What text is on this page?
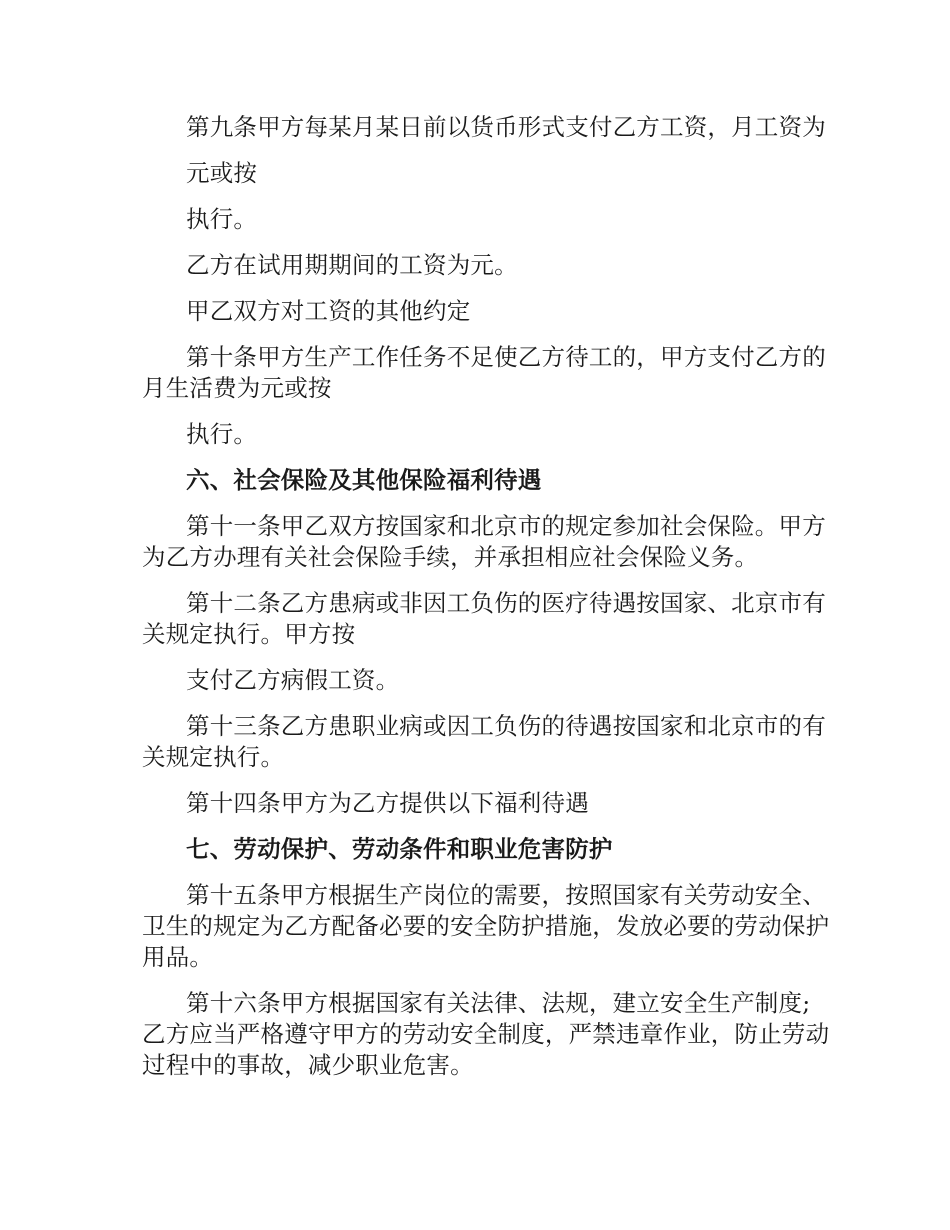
第九条甲方每某月某日前以货币形式支付乙方工资，月工资为

元或按

执行。

乙方在试用期期间的工资为元。

甲乙双方对工资的其他约定

第十条甲方生产工作任务不足使乙方待工的，甲方支付乙方的月生活费为元或按

执行。

六、社会保险及其他保险福利待遇

第十一条甲乙双方按国家和北京市的规定参加社会保险。甲方为乙方办理有关社会保险手续，并承担相应社会保险义务。

第十二条乙方患病或非因工负伤的医疗待遇按国家、北京市有关规定执行。甲方按

支付乙方病假工资。

第十三条乙方患职业病或因工负伤的待遇按国家和北京市的有关规定执行。

第十四条甲方为乙方提供以下福利待遇

七、劳动保护、劳动条件和职业危害防护

第十五条甲方根据生产岗位的需要，按照国家有关劳动安全、卫生的规定为乙方配备必要的安全防护措施，发放必要的劳动保护用品。

第十六条甲方根据国家有关法律、法规，建立安全生产制度;乙方应当严格遵守甲方的劳动安全制度，严禁违章作业，防止劳动过程中的事故，减少职业危害。
